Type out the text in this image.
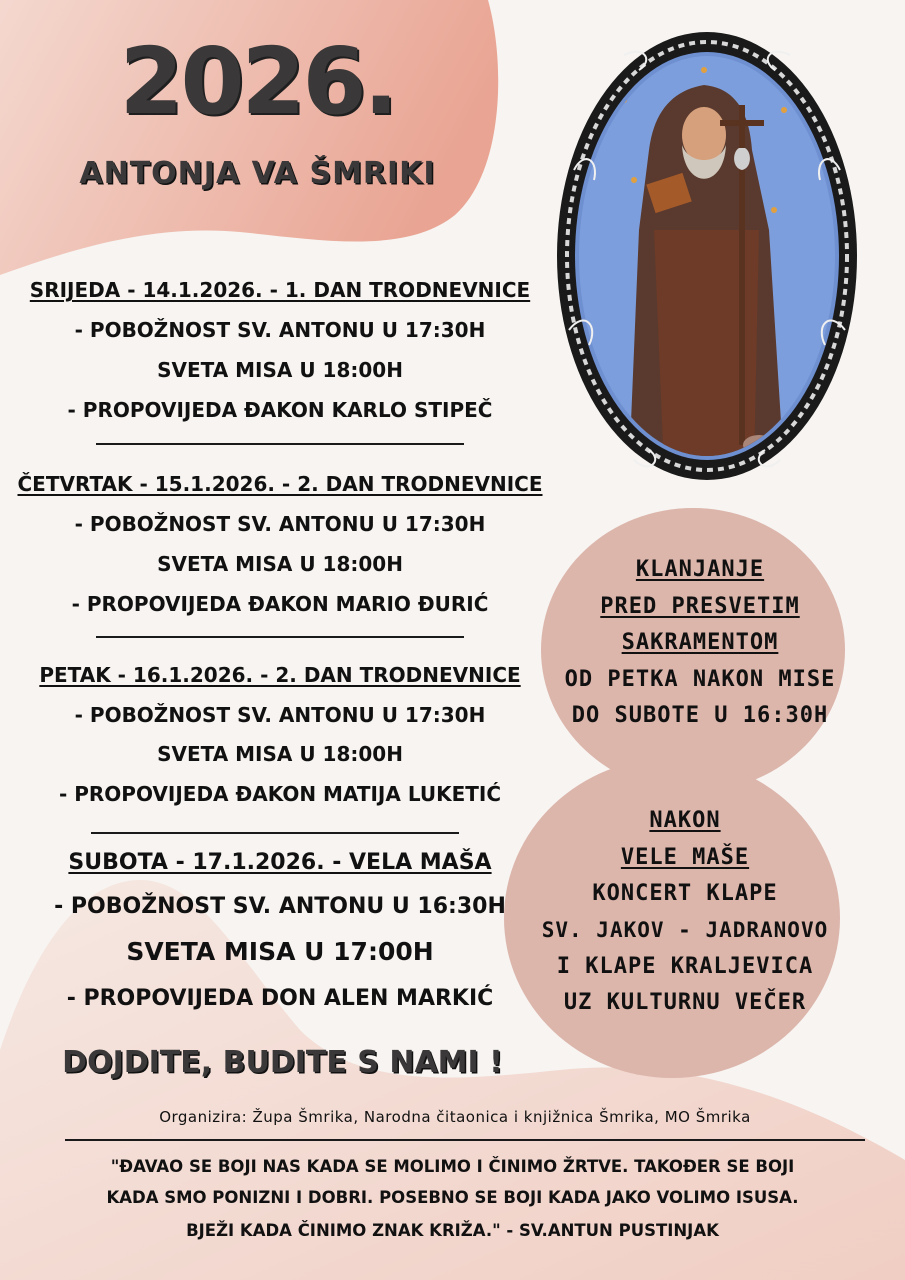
2026.
ANTONJA VA ŠMRIKI
SRIJEDA - 14.1.2026. - 1. DAN TRODNEVNICE
- POBOŽNOST SV. ANTONU U 17:30H
SVETA MISA U 18:00H
- PROPOVIJEDA ĐAKON KARLO STIPEČ
ČETVRTAK - 15.1.2026. - 2. DAN TRODNEVNICE
- POBOŽNOST SV. ANTONU U 17:30H
SVETA MISA U 18:00H
- PROPOVIJEDA ĐAKON MARIO ĐURIĆ
PETAK - 16.1.2026. - 2. DAN TRODNEVNICE
- POBOŽNOST SV. ANTONU U 17:30H
SVETA MISA U 18:00H
- PROPOVIJEDA ĐAKON MATIJA LUKETIĆ
SUBOTA - 17.1.2026. - VELA MAŠA
- POBOŽNOST SV. ANTONU U 16:30H
SVETA MISA U 17:00H
- PROPOVIJEDA DON ALEN MARKIĆ
KLANJANJE
PRED PRESVETIM
SAKRAMENTOM
OD PETKA NAKON MISE
DO SUBOTE U 16:30H
NAKON
VELE MAŠE
KONCERT KLAPE
SV. JAKOV - JADRANOVO
I KLAPE KRALJEVICA
UZ KULTURNU VEČER
DOJDITE, BUDITE S NAMI !
Organizira: Župa Šmrika, Narodna čitaonica i knjižnica Šmrika, MO Šmrika
"ĐAVAO SE BOJI NAS KADA SE MOLIMO I ČINIMO ŽRTVE. TAKOĐER SE BOJI
KADA SMO PONIZNI I DOBRI. POSEBNO SE BOJI KADA JAKO VOLIMO ISUSA.
BJEŽI KADA ČINIMO ZNAK KRIŽA." - SV.ANTUN PUSTINJAK
